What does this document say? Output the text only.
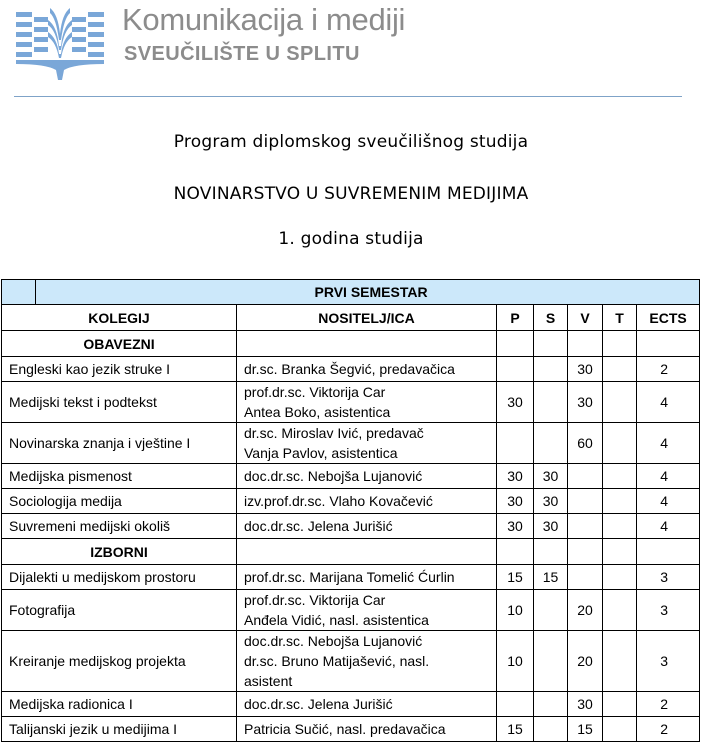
Komunikacija i mediji
SVEUČILIŠTE U SPLITU
Program diplomskog sveučilišnog studija
NOVINARSTVO U SUVREMENIM MEDIJIMA
1. godina studija
	PRVI SEMESTAR						
KOLEGIJ		NOSITELJ/ICA	P	S	V	T	ECTS
OBAVEZNI							
Engleski kao jezik struke I		dr.sc. Branka Šegvić, predavačica			30		2
Medijski tekst i podtekst		prof.dr.sc. Viktorija Car
Antea Boko, asistentica	30		30		4
Novinarska znanja i vještine I		dr.sc. Miroslav Ivić, predavač
Vanja Pavlov, asistentica			60		4
Medijska pismenost		doc.dr.sc. Nebojša Lujanović	30	30			4
Sociologija medija		izv.prof.dr.sc. Vlaho Kovačević	30	30			4
Suvremeni medijski okoliš		doc.dr.sc. Jelena Jurišić	30	30			4
IZBORNI							
Dijalekti u medijskom prostoru		prof.dr.sc. Marijana Tomelić Ćurlin	15	15			3
Fotografija		prof.dr.sc. Viktorija Car
Anđela Vidić, nasl. asistentica	10		20		3
Kreiranje medijskog projekta		doc.dr.sc. Nebojša Lujanović
dr.sc. Bruno Matijašević, nasl.
asistent	10		20		3
Medijska radionica I		doc.dr.sc. Jelena Jurišić			30		2
Talijanski jezik u medijima I		Patricia Sučić, nasl. predavačica	15		15		2
